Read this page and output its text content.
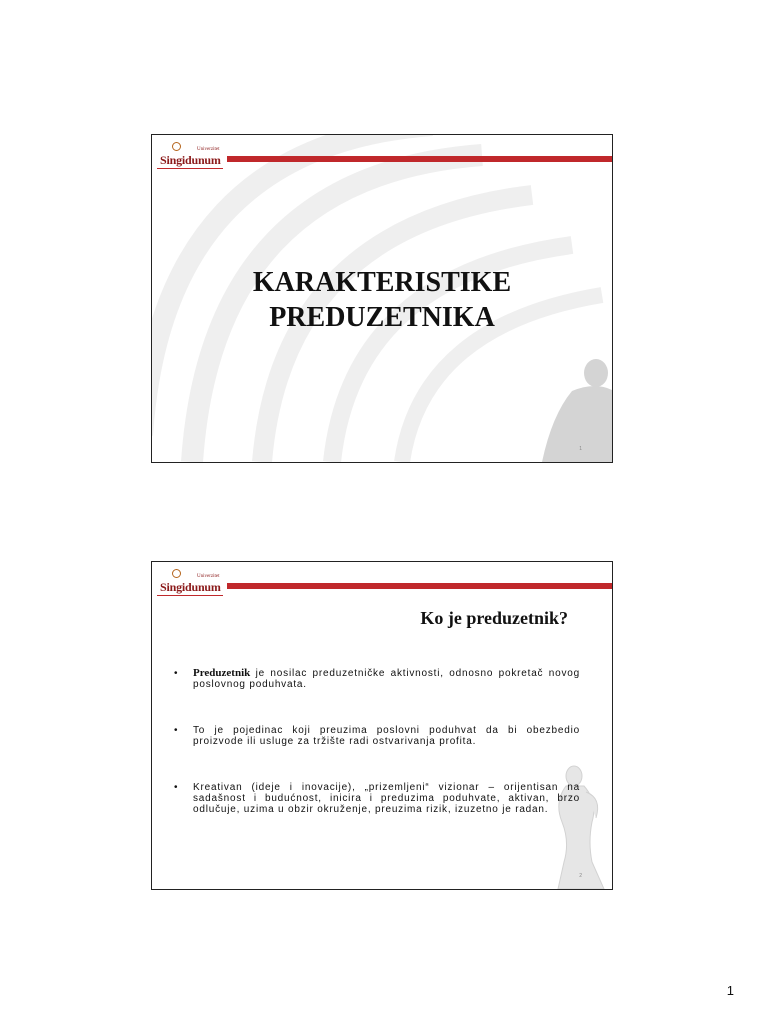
Univerzitet
Singidunum
KARAKTERISTIKE
PREDUZETNIKA
1
Univerzitet
Singidunum
Ko je preduzetnik?
• Preduzetnik je nosilac preduzetničke aktivnosti, odnosno pokretač novog poslovnog poduhvata.
• To je pojedinac koji preuzima poslovni poduhvat da bi obezbedio proizvode ili usluge za tržište radi ostvarivanja profita.
• Kreativan (ideje i inovacije), „prizemljeni“ vizionar – orijentisan na sadašnost i budućnost, inicira i preduzima poduhvate, aktivan, brzo odlučuje, uzima u obzir okruženje, preuzima rizik, izuzetno je radan.
2
1
